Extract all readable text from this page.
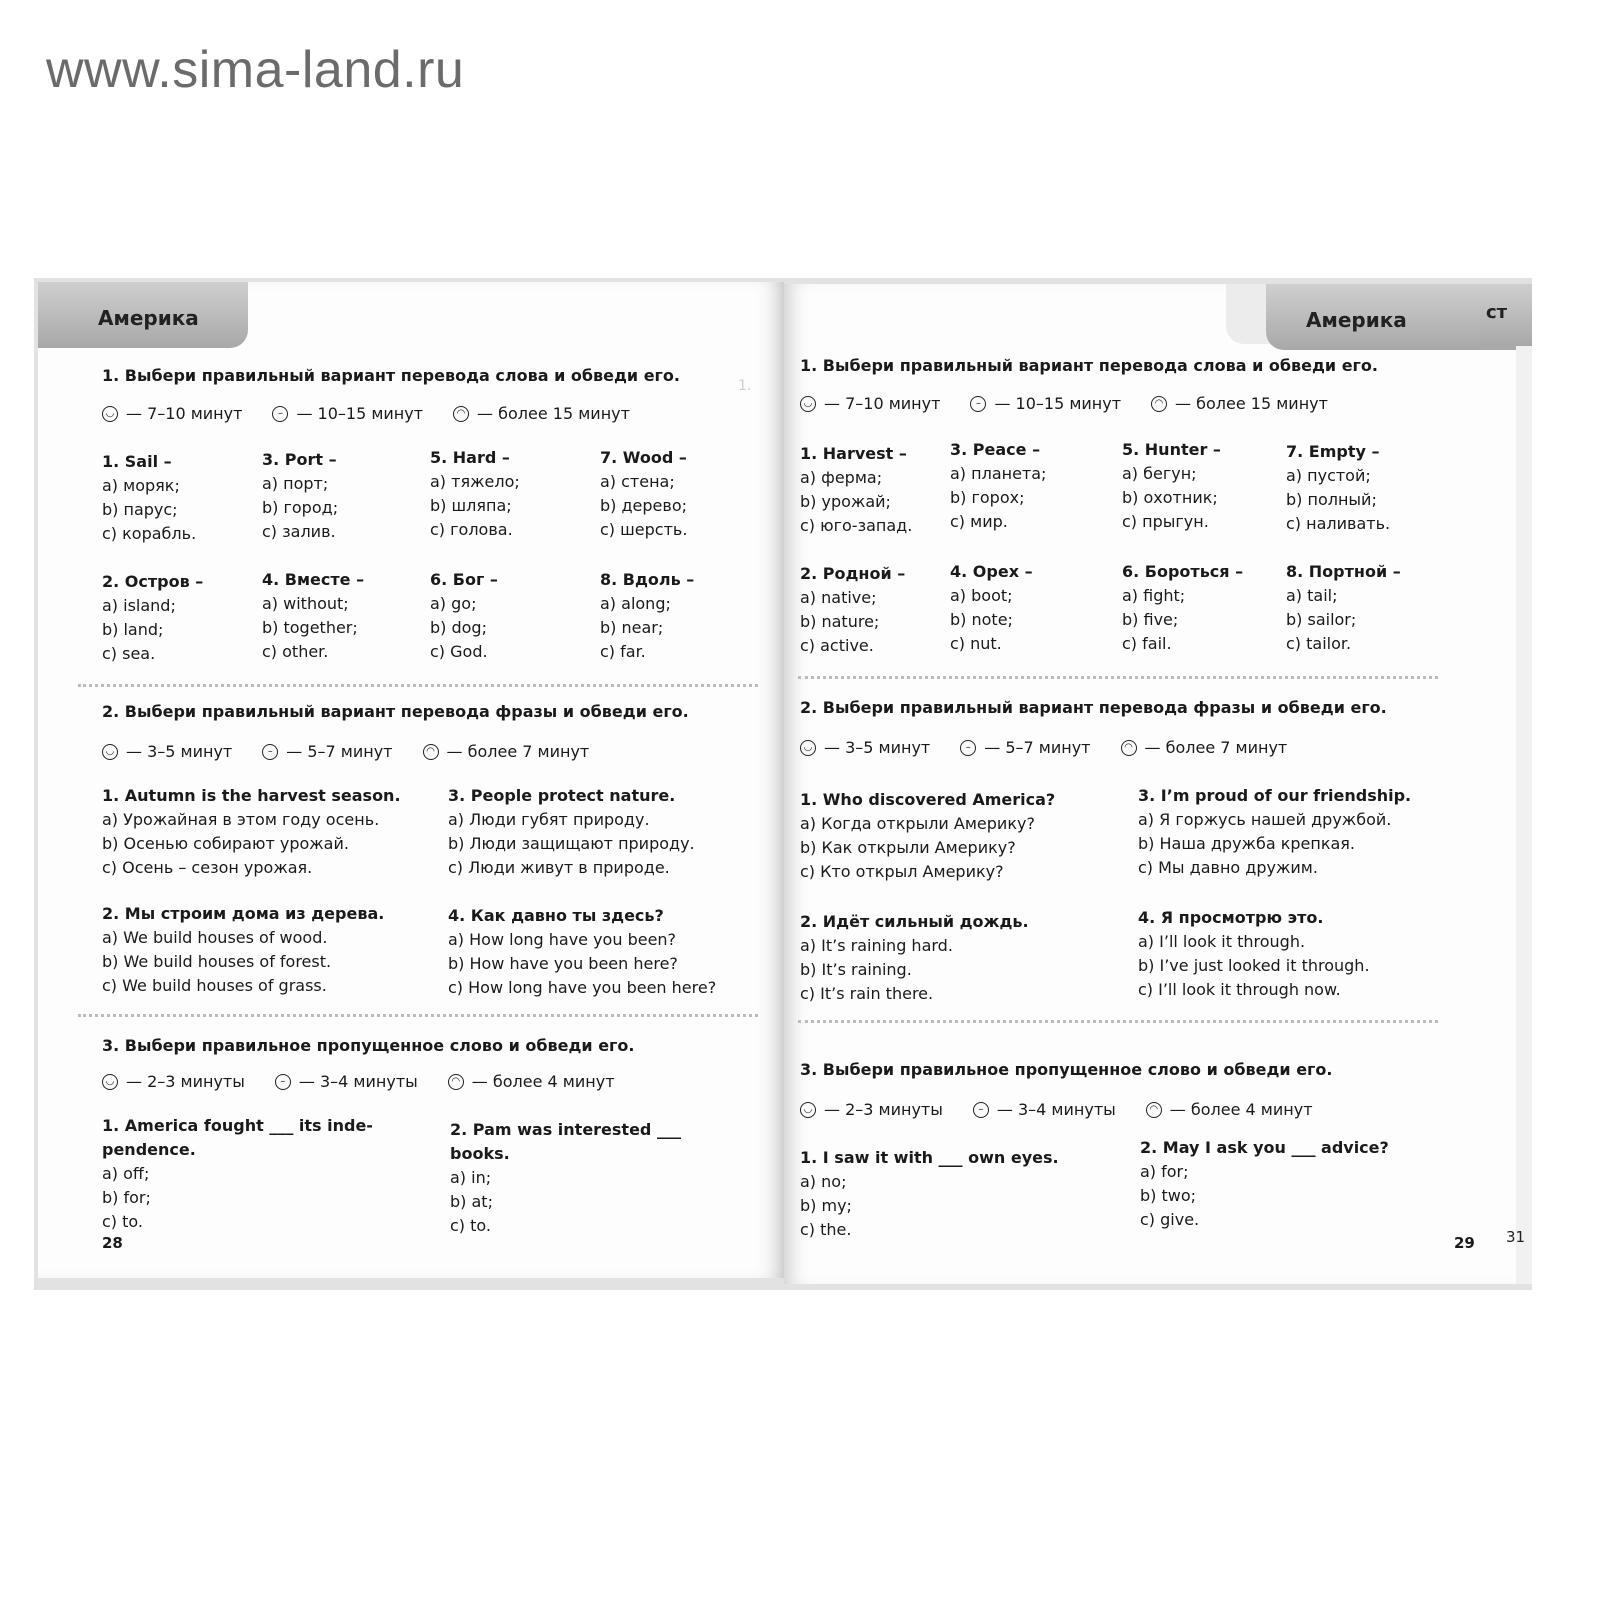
www.sima-land.ru
1.
Америка
1. Выбери правильный вариант перевода слова и обведи его.
◡ — 7–10 минут	– — 10–15 минут	◠ — более 15 минут
1. Sail –
a) моряк;
b) парус;
c) корабль.
3. Port –
a) порт;
b) город;
c) залив.
5. Hard –
a) тяжело;
b) шляпа;
c) голова.
7. Wood –
a) стена;
b) дерево;
c) шерсть.
2. Остров –
a) island;
b) land;
c) sea.
4. Вместе –
a) without;
b) together;
c) other.
6. Бог –
a) go;
b) dog;
c) God.
8. Вдоль –
a) along;
b) near;
c) far.
2. Выбери правильный вариант перевода фразы и обведи его.
◡ — 3–5 минут	– — 5–7 минут	◠ — более 7 минут
1. Autumn is the harvest season.
a) Урожайная в этом году осень.
b) Осенью собирают урожай.
c) Осень – сезон урожая.
3. People protect nature.
a) Люди губят природу.
b) Люди защищают природу.
c) Люди живут в природе.
2. Мы строим дома из дерева.
a) We build houses of wood.
b) We build houses of forest.
c) We build houses of grass.
4. Как давно ты здесь?
a) How long have you been?
b) How have you been here?
c) How long have you been here?
3. Выбери правильное пропущенное слово и обведи его.
◡ — 2–3 минуты	– — 3–4 минуты	◠ — более 4 минут
1. America fought ___ its inde-
pendence.
a) off;
b) for;
c) to.
2. Pam was interested ___
books.
a) in;
b) at;
c) to.
28
Америка
1. Выбери правильный вариант перевода слова и обведи его.
◡ — 7–10 минут	– — 10–15 минут	◠ — более 15 минут
1. Harvest –
a) ферма;
b) урожай;
c) юго-запад.
3. Peace –
a) планета;
b) горох;
c) мир.
5. Hunter –
a) бегун;
b) охотник;
c) прыгун.
7. Empty –
a) пустой;
b) полный;
c) наливать.
2. Родной –
a) native;
b) nature;
c) active.
4. Орех –
a) boot;
b) note;
c) nut.
6. Бороться –
a) fight;
b) five;
c) fail.
8. Портной –
a) tail;
b) sailor;
c) tailor.
2. Выбери правильный вариант перевода фразы и обведи его.
◡ — 3–5 минут	– — 5–7 минут	◠ — более 7 минут
1. Who discovered America?
a) Когда открыли Америку?
b) Как открыли Америку?
c) Кто открыл Америку?
3. I’m proud of our friendship.
a) Я горжусь нашей дружбой.
b) Наша дружба крепкая.
c) Мы давно дружим.
2. Идёт сильный дождь.
a) It’s raining hard.
b) It’s raining.
c) It’s rain there.
4. Я просмотрю это.
a) I’ll look it through.
b) I’ve just looked it through.
c) I’ll look it through now.
3. Выбери правильное пропущенное слово и обведи его.
◡ — 2–3 минуты	– — 3–4 минуты	◠ — более 4 минут
1. I saw it with ___ own eyes.
a) no;
b) my;
c) the.
2. May I ask you ___ advice?
a) for;
b) two;
c) give.
29
ст
31
